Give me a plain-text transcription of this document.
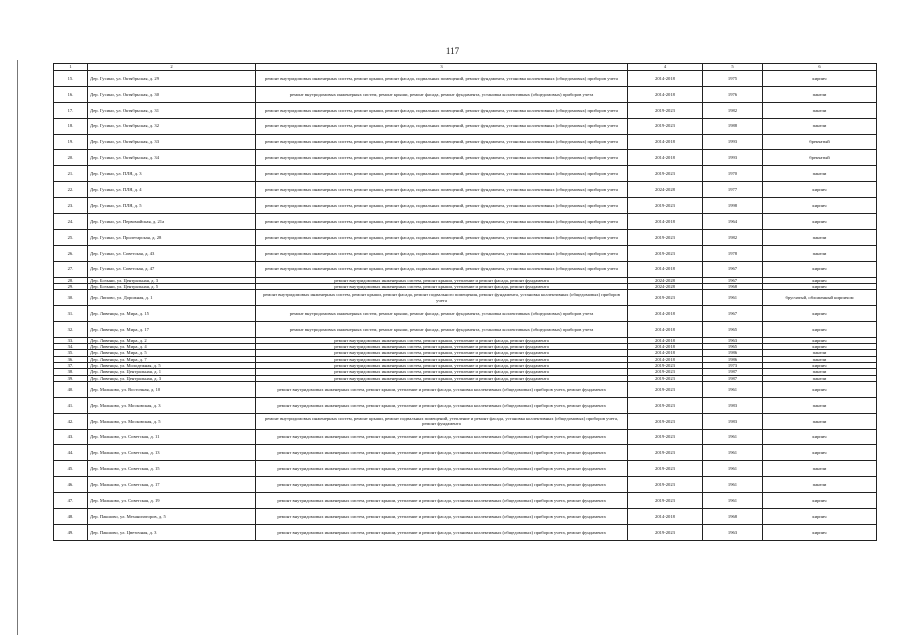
117
1	2	3	4	5	6
15.	Дер. Гусино, ул. Октябрьская, д. 29	ремонт внутридомовых инженерных систем, ремонт крыши, ремонт фасада, подвальных помещений, ремонт фундамента, установка коллективных (общедомовых) приборов учета	2014-2018	1975	кирпич
16.	Дер. Гусино, ул. Октябрьская, д. 30	ремонт внутридомовых инженерных систем, ремонт крыши, ремонт фасада, ремонт фундамента, установка коллективных (общедомовых) приборов учета	2014-2018	1976	панели
17.	Дер. Гусино, ул. Октябрьская, д. 31	ремонт внутридомовых инженерных систем, ремонт крыши, ремонт фасада, подвальных помещений, ремонт фундамента, установка коллективных (общедомовых) приборов учета	2019-2023	1982	панели
18.	Дер. Гусино, ул. Октябрьская, д. 32	ремонт внутридомовых инженерных систем, ремонт крыши, ремонт фасада, подвальных помещений, ремонт фундамента, установка коллективных (общедомовых) приборов учета	2019-2023	1988	панели
19.	Дер. Гусино, ул. Октябрьская, д. 33	ремонт внутридомовых инженерных систем, ремонт крыши, ремонт фасада, подвальных помещений, ремонт фундамента, установка коллективных (общедомовых) приборов учета	2014-2018	1993	брекчатый
20.	Дер. Гусино, ул. Октябрьская, д. 34	ремонт внутридомовых инженерных систем, ремонт крыши, ремонт фасада, подвальных помещений, ремонт фундамента, установка коллективных (общедомовых) приборов учета	2014-2018	1993	брекчатый
21.	Дер. Гусино, ул. ПЛЯ, д. 3	ремонт внутридомовых инженерных систем, ремонт крыши, ремонт фасада, подвальных помещений, ремонт фундамента, установка коллективных (общедомовых) приборов учета	2019-2023	1970	панели
22.	Дер. Гусино, ул. ПЛЯ, д. 4	ремонт внутридомовых инженерных систем, ремонт крыши, ремонт фасада, подвальных помещений, ремонт фундамента, установка коллективных (общедомовых) приборов учета	2024-2028	1977	кирпич
23.	Дер. Гусино, ул. ПЛЯ, д. 5	ремонт внутридомовых инженерных систем, ремонт крыши, ремонт фасада, подвальных помещений, ремонт фундамента, установка коллективных (общедомовых) приборов учета	2019-2023	1998	кирпич
24.	Дер. Гусино, ул. Первомайская, д. 21а	ремонт внутридомовых инженерных систем, ремонт крыши, ремонт фасада, подвальных помещений, ремонт фундамента, установка коллективных (общедомовых) приборов учета	2014-2018	1964	кирпич
25.	Дер. Гусино, ул. Пролетарская, д. 28	ремонт внутридомовых инженерных систем, ремонт крыши, ремонт фасада, подвальных помещений, ремонт фундамента, установка коллективных (общедомовых) приборов учета	2019-2023	1982	панели
26.	Дер. Гусино, ул. Советская, д. 43	ремонт внутридомовых инженерных систем, ремонт крыши, ремонт фасада, подвальных помещений, ремонт фундамента, установка коллективных (общедомовых) приборов учета	2019-2023	1978	панели
27.	Дер. Гусино, ул. Советская, д. 47	ремонт внутридомовых инженерных систем, ремонт крыши, ремонт фасада, подвальных помещений, ремонт фундамента, установка коллективных (общедомовых) приборов учета	2014-2018	1967	кирпич
28.	Дер. Бозыни, ул. Центральная, д. 3	ремонт внутридомовых инженерных систем, ремонт крыши, утепление и ремонт фасада, ремонт фундамента	2024-2028	1967	кирпич
29.	Дер. Бозыни, ул. Центральная, д. 5	ремонт внутридомовых инженерных систем, ремонт крыши, утепление и ремонт фасада, ремонт фундамента	2024-2028	1968	кирпич
30.	Дер. Липово, ул. Дорожная, д. 1	ремонт внутридомовых инженерных систем, ремонт крыши, ремонт фасада, ремонт подвального помещения, ремонт фундамента, установка коллективных (общедомовых) приборов учета	2019-2023	1961	брусчатый, обложенный кирпичом
31.	Дер. Ливенцы, ул. Мира, д. 15	ремонт внутридомовых инженерных систем, ремонт крыши, ремонт фасада, ремонт фундамента, установка коллективных (общедомовых) приборов учета	2014-2018	1967	кирпич
32.	Дер. Ливенцы, ул. Мира, д. 17	ремонт внутридомовых инженерных систем, ремонт крыши, ремонт фасада, ремонт фундамента, установка коллективных (общедомовых) приборов учета	2014-2018	1965	кирпич
33.	Дер. Ливенцы, ул. Мира, д. 2	ремонт внутридомовых инженерных систем, ремонт крыши, утепление и ремонт фасада, ремонт фундамента	2014-2018	1963	кирпич
34.	Дер. Ливенцы, ул. Мира, д. 4	ремонт внутридомовых инженерных систем, ремонт крыши, утепление и ремонт фасада, ремонт фундамента	2014-2018	1965	кирпич
35.	Дер. Ливенцы, ул. Мира, д. 5	ремонт внутридомовых инженерных систем, ремонт крыши, утепление и ремонт фасада, ремонт фундамента	2014-2018	1986	панели
36.	Дер. Ливенцы, ул. Мира, д. 7	ремонт внутридомовых инженерных систем, ремонт крыши, утепление и ремонт фасада, ремонт фундамента	2014-2018	1986	панели
37.	Дер. Ливенцы, ул. Молодежная, д. 5	ремонт внутридомовых инженерных систем, ремонт крыши, утепление и ремонт фасада, ремонт фундамента	2019-2023	1973	кирпич
38.	Дер. Ливенцы, ул. Центральная, д. 1	ремонт внутридомовых инженерных систем, ремонт крыши, утепление и ремонт фасада, ремонт фундамента	2019-2023	1987	панели
39.	Дер. Ливенцы, ул. Центральная, д. 3	ремонт внутридомовых инженерных систем, ремонт крыши, утепление и ремонт фасада, ремонт фундамента	2019-2023	1987	панели
40.	Дер. Мальково, ул. Восточная, д. 10	ремонт внутридомовых инженерных систем, ремонт крыши, утепление и ремонт фасада, установка коллективных (общедомовых) приборов учета, ремонт фундамента	2019-2023	1961	кирпич
41.	Дер. Мальково, ул. Московская, д. 3	ремонт внутридомовых инженерных систем, ремонт крыши, утепление и ремонт фасада, установка коллективных (общедомовых) приборов учета, ремонт фундамента	2019-2023	1983	панели
42.	Дер. Мальково, ул. Московская, д. 5	ремонт внутридомовых инженерных систем, ремонт крыши, ремонт подвальных помещений, утепление и ремонт фасада, установка коллективных (общедомовых) приборов учета, ремонт фундамента	2019-2023	1983	панели
43.	Дер. Мальково, ул. Советская, д. 11	ремонт внутридомовых инженерных систем, ремонт крыши, утепление и ремонт фасада, установка коллективных (общедомовых) приборов учета, ремонт фундамента	2019-2023	1961	кирпич
44.	Дер. Мальково, ул. Советская, д. 13	ремонт внутридомовых инженерных систем, ремонт крыши, утепление и ремонт фасада, установка коллективных (общедомовых) приборов учета, ремонт фундамента	2019-2023	1961	кирпич
45.	Дер. Мальково, ул. Советская, д. 15	ремонт внутридомовых инженерных систем, ремонт крыши, утепление и ремонт фасада, установка коллективных (общедомовых) приборов учета, ремонт фундамента	2019-2023	1961	панели
46.	Дер. Мальково, ул. Советская, д. 17	ремонт внутридомовых инженерных систем, ремонт крыши, утепление и ремонт фасада, установка коллективных (общедомовых) приборов учета, ремонт фундамента	2019-2023	1961	панели
47.	Дер. Мальково, ул. Советская, д. 19	ремонт внутридомовых инженерных систем, ремонт крыши, утепление и ремонт фасада, установка коллективных (общедомовых) приборов учета, ремонт фундамента	2019-2023	1961	кирпич
48.	Дер. Пакшово, ул. Механизаторов, д. 5	ремонт внутридомовых инженерных систем, ремонт крыши, утепление и ремонт фасада, установка коллективных (общедомовых) приборов учета, ремонт фундамента	2014-2018	1968	кирпич
49.	Дер. Пакшово, ул. Цветочная, д. 3	ремонт внутридомовых инженерных систем, ремонт крыши, утепление и ремонт фасада, установка коллективных (общедомовых) приборов учета, ремонт фундамента	2019-2023	1963	кирпич
